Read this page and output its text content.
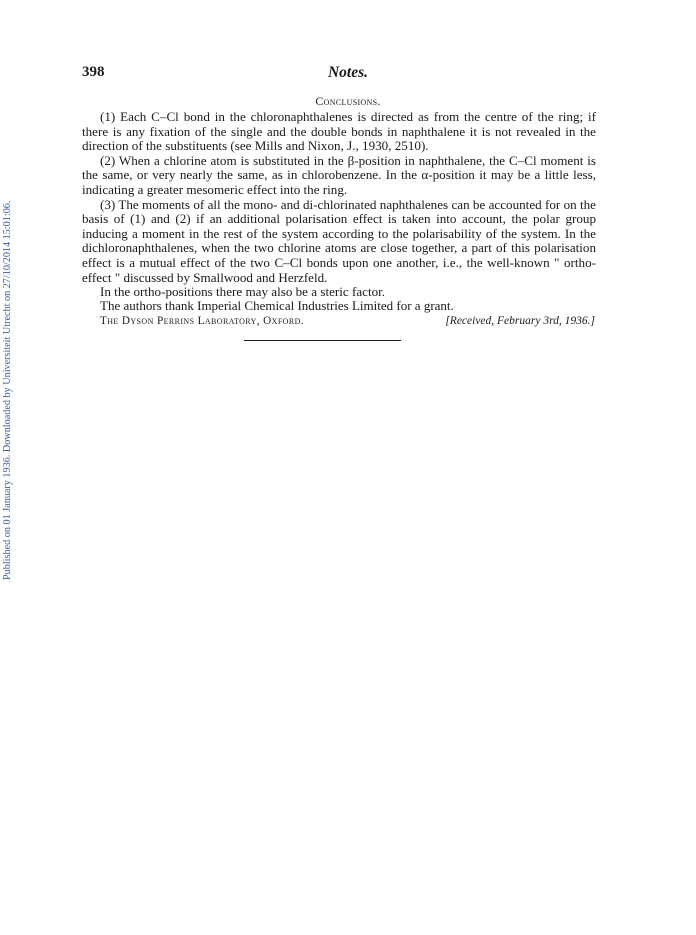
Published on 01 January 1936. Downloaded by Universiteit Utrecht on 27/10/2014 15:01:06.
398	Notes.
Conclusions.

(1) Each C–Cl bond in the chloronaphthalenes is directed as from the centre of the ring; if there is any fixation of the single and the double bonds in naphthalene it is not revealed in the direction of the substituents (see Mills and Nixon, J., 1930, 2510).

(2) When a chlorine atom is substituted in the β-position in naphthalene, the C–Cl moment is the same, or very nearly the same, as in chlorobenzene. In the α-position it may be a little less, indicating a greater mesomeric effect into the ring.

(3) The moments of all the mono- and di-chlorinated naphthalenes can be accounted for on the basis of (1) and (2) if an additional polarisation effect is taken into account, the polar group inducing a moment in the rest of the system according to the polarisability of the system. In the dichloronaphthalenes, when the two chlorine atoms are close together, a part of this polarisation effect is a mutual effect of the two C–Cl bonds upon one another, i.e., the well-known " ortho-effect " discussed by Smallwood and Herzfeld.

In the ortho-positions there may also be a steric factor.

The authors thank Imperial Chemical Industries Limited for a grant.
The Dyson Perrins Laboratory, Oxford.	[Received, February 3rd, 1936.]
